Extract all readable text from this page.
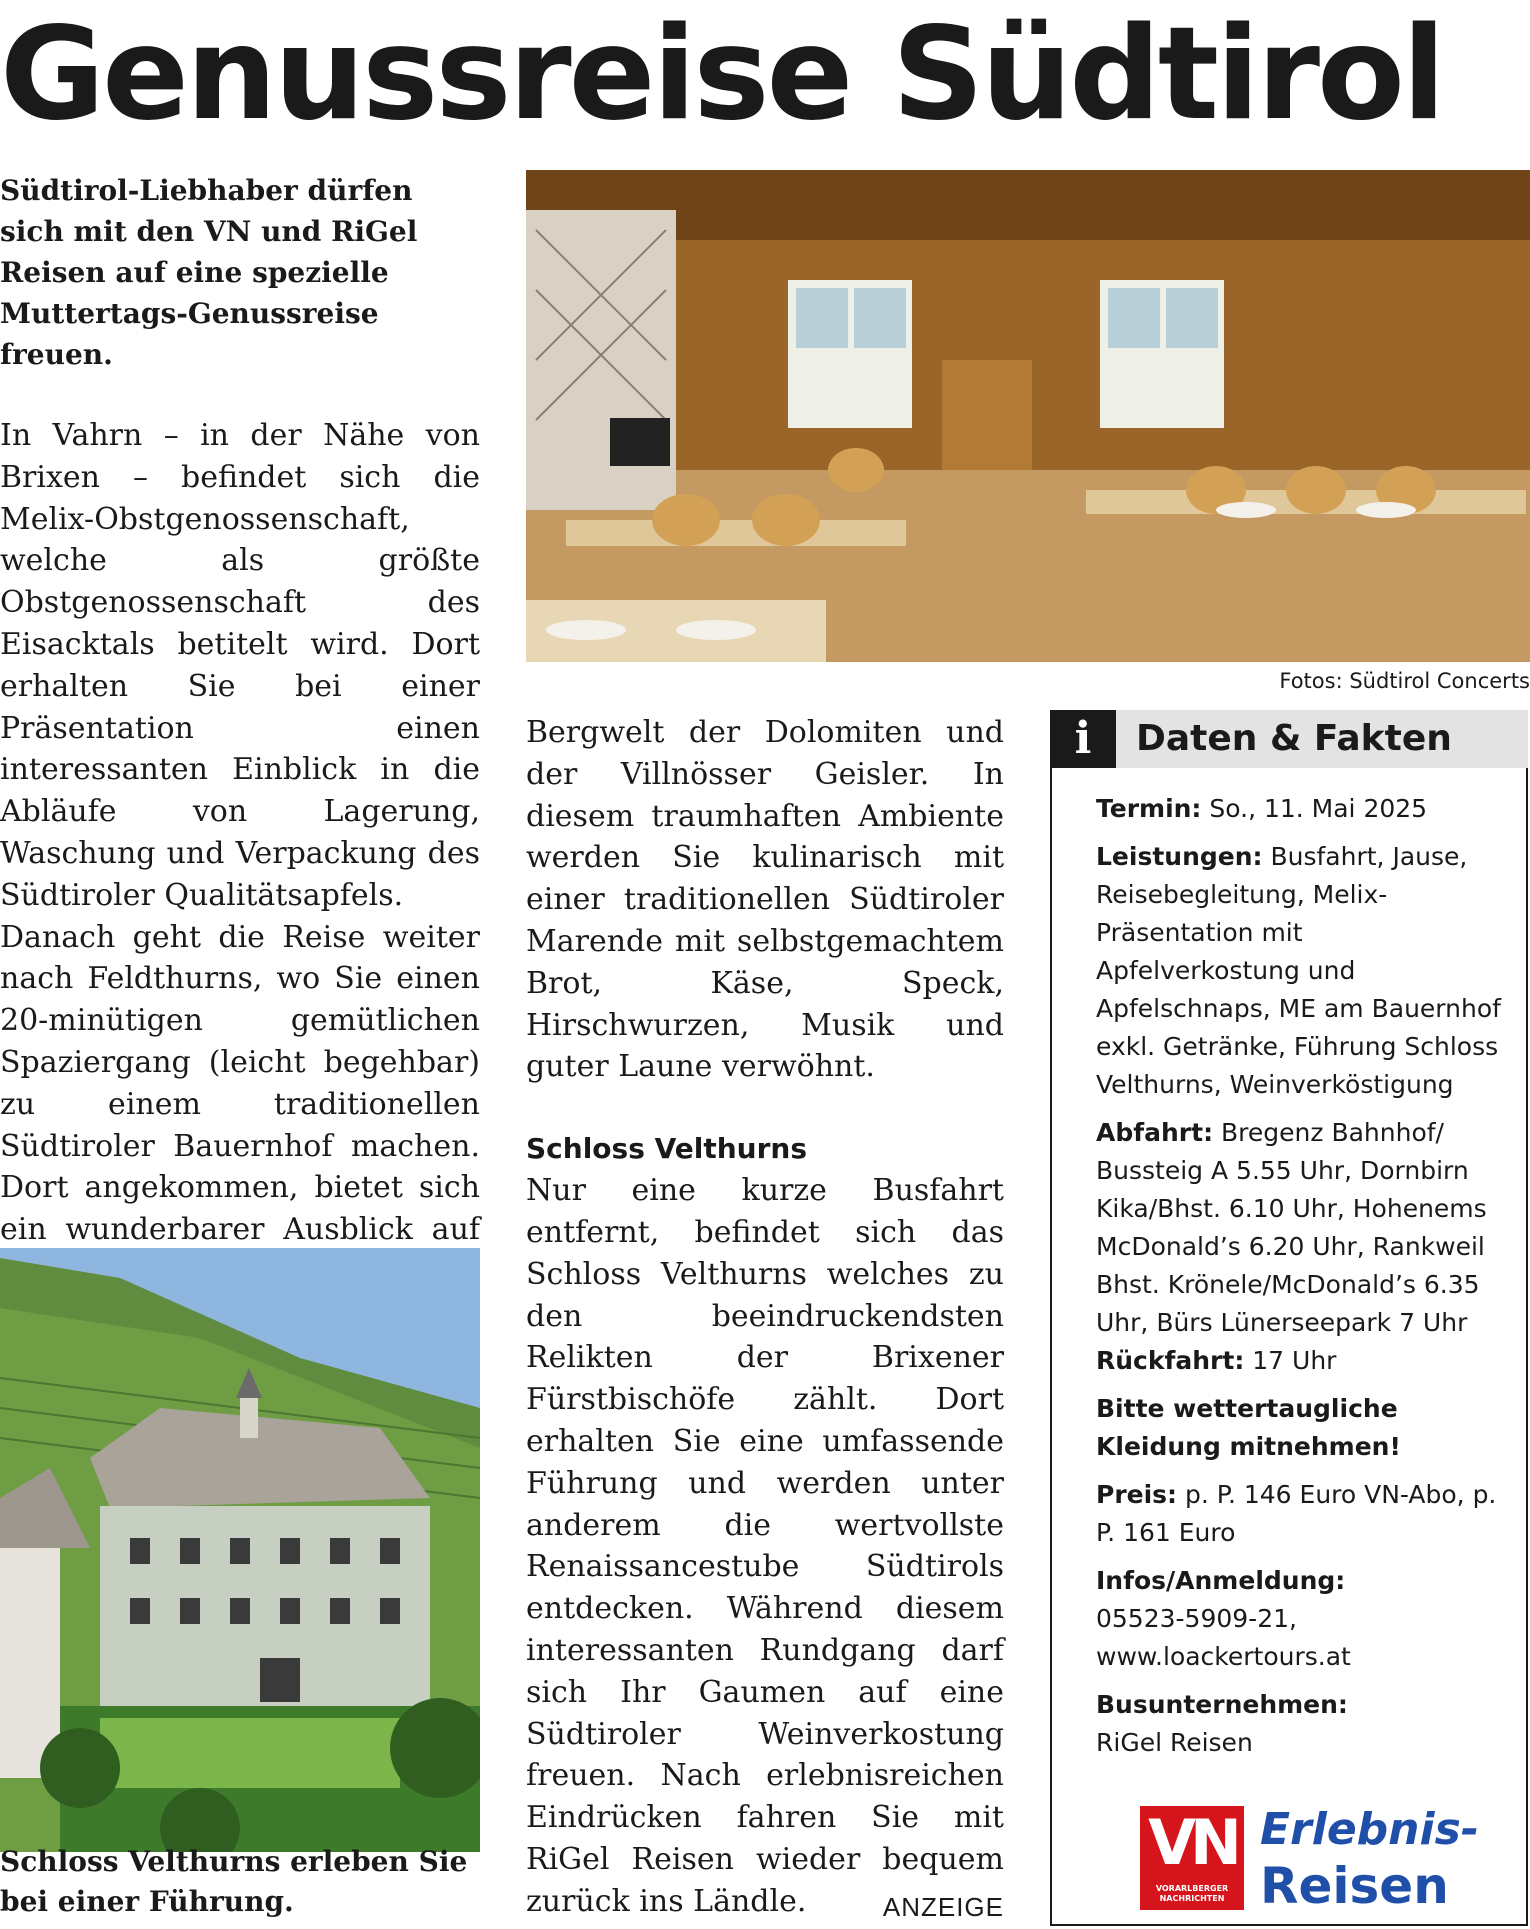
Genussreise Südtirol
Fotos: Südtirol Concerts

Südtirol-Liebhaber dürfen sich mit den VN und RiGel Reisen auf eine spezielle Muttertags-Genussreise freuen.

In Vahrn – in der Nähe von Brixen – befindet sich die Melix-Obstgenossenschaft, welche als größte Obstgenossenschaft des Eisacktals betitelt wird. Dort erhalten Sie bei einer Präsentation einen interessanten Einblick in die Abläufe von Lagerung, Waschung und Verpackung des Südtiroler Qualitätsapfels.

Danach geht die Reise weiter nach Feldthurns, wo Sie einen 20-minütigen gemütlichen Spaziergang (leicht begehbar) zu einem traditionellen Südtiroler Bauernhof machen. Dort angekommen, bietet sich ein wunderbarer Ausblick auf

Schloss Velthurns erleben Sie bei einer Führung.

Bergwelt der Dolomiten und der Villnösser Geisler. In diesem traumhaften Ambiente werden Sie kulinarisch mit einer traditionellen Südtiroler Marende mit selbstgemachtem Brot, Käse, Speck, Hirschwurzen, Musik und guter Laune verwöhnt.

Schloss Velthurns

Nur eine kurze Busfahrt entfernt, befindet sich das Schloss Velthurns welches zu den beeindruckendsten Relikten der Brixener Fürstbischöfe zählt. Dort erhalten Sie eine umfassende Führung und werden unter anderem die wertvollste Renaissancestube Südtirols entdecken. Während diesem interessanten Rundgang darf sich Ihr Gaumen auf eine Südtiroler Weinverkostung freuen. Nach erlebnisreichen Eindrücken fahren Sie mit RiGel Reisen wieder bequem zurück ins Ländle.	ANZEIGE

i	Daten & Fakten

Termin: So., 11. Mai 2025

Leistungen: Busfahrt, Jause, Reisebegleitung, Melix-Präsentation mit Apfelverkostung und Apfelschnaps, ME am Bauernhof exkl. Getränke, Führung Schloss Velthurns, Weinverköstigung

Abfahrt: Bregenz Bahnhof/ Bussteig A 5.55 Uhr, Dornbirn Kika/Bhst. 6.10 Uhr, Hohenems McDonald’s 6.20 Uhr, Rankweil Bhst. Krönele/McDonald’s 6.35 Uhr, Bürs Lünerseepark 7 Uhr

Rückfahrt: 17 Uhr

Bitte wettertaugliche Kleidung mitnehmen!

Preis: p. P. 146 Euro VN-Abo, p. P. 161 Euro

Infos/Anmeldung:
05523-5909-21,
www.loackertours.at

Busunternehmen:
RiGel Reisen

VN
VORARLBERGER
NACHRICHTEN
Erlebnis-
Reisen
